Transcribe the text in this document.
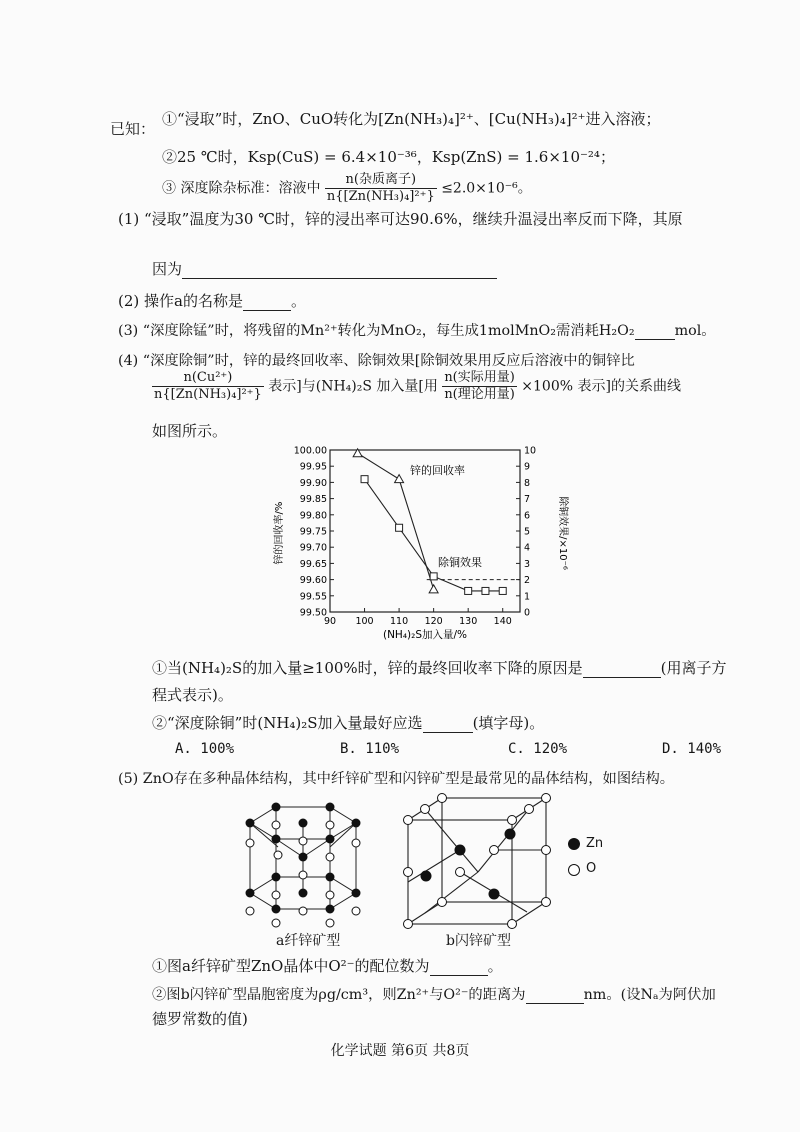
已知：
①“浸取”时，ZnO、CuO转化为[Zn(NH₃)₄]²⁺、[Cu(NH₃)₄]²⁺进入溶液；
②25 ℃时，Ksp(CuS) = 6.4×10⁻³⁶，Ksp(ZnS) = 1.6×10⁻²⁴；
③ 深度除杂标准：溶液中 $\frac{\text{n(杂质离子)}}{\text{n\{[Zn(NH₃)₄]²⁺\}}} \le 2.0\times 10^{-6}$。
(1) “浸取”温度为30 ℃时，锌的浸出率可达90.6%，继续升温浸出率反而下降，其原
因为
(2) 操作a的名称是	。
(3) “深度除锰”时，将残留的Mn²⁺转化为MnO₂，每生成1molMnO₂需消耗H₂O₂	mol。
(4) “深度除铜”时，锌的最终回收率、除铜效果[除铜效果用反应后溶液中的铜锌比
$\frac{\text{n(Cu²⁺)}}{\text{n\{[Zn(NH₃)₄]²⁺\}}}$ 表示]与(NH₄)₂S 加入量[用 $\frac{\text{n(实际用量)}}{\text{n(理论用量)}} \times 100\%$ 表示]的关系曲线
如图所示。
99.50
99.55
99.60
99.65
99.70
99.75
99.80
99.85
99.90
99.95
100.00
0
1
2
3
4
5
6
7
8
9
10
90 100 110 120 130 140
锌的回收率
除铜效果
(NH₄)₂S加入量/%
锌的回收率/%	除铜效果/×10⁻⁶
①当(NH₄)₂S的加入量≥100%时，锌的最终回收率下降的原因是	(用离子方
程式表示)。
②“深度除铜”时(NH₄)₂S加入量最好应选	(填字母)。
A. 100%	B. 110%	C. 120%	D. 140%
(5) ZnO存在多种晶体结构，其中纤锌矿型和闪锌矿型是最常见的晶体结构，如图结构。
a纤锌矿型	b闪锌矿型
Zn
O
①图a纤锌矿型ZnO晶体中O²⁻的配位数为	。
②图b闪锌矿型晶胞密度为ρg/cm³，则Zn²⁺与O²⁻的距离为	nm。(设Nₐ为阿伏加
德罗常数的值)
化学试题 第6页 共8页
